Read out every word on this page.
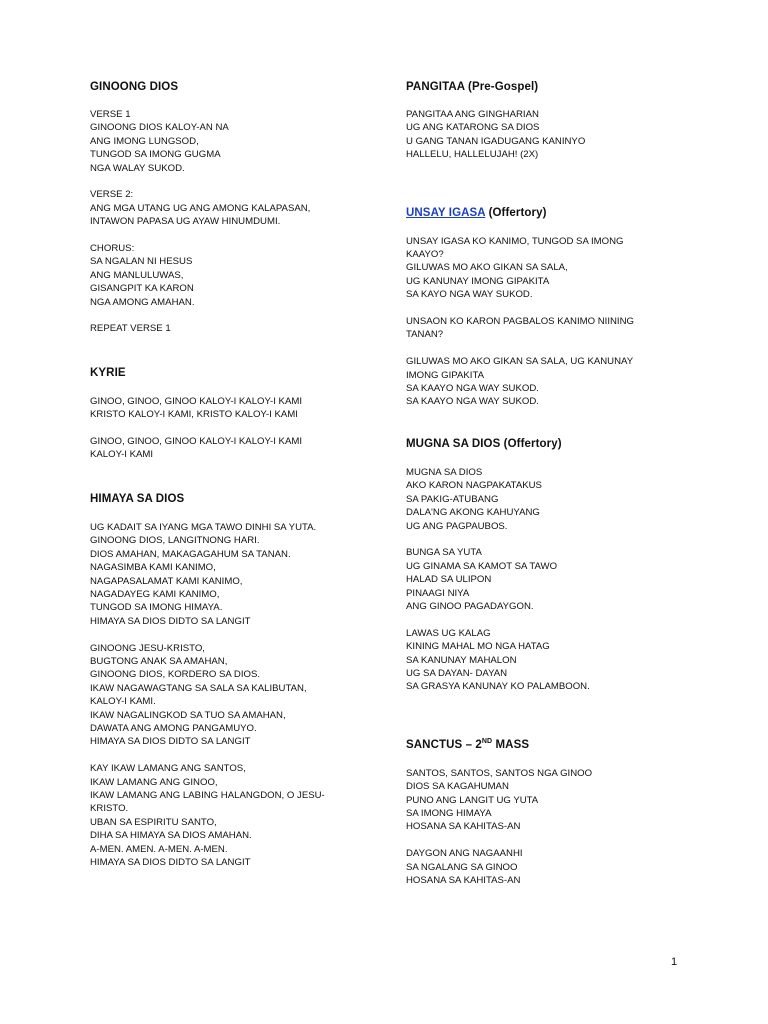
GINOONG DIOS
VERSE 1
GINOONG DIOS KALOY-AN NA
ANG IMONG LUNGSOD,
TUNGOD SA IMONG GUGMA
NGA WALAY SUKOD.
VERSE 2:
ANG MGA UTANG UG ANG AMONG KALAPASAN,
INTAWON PAPASA UG AYAW HINUMDUMI.
CHORUS:
SA NGALAN NI HESUS
ANG MANLULUWAS,
GISANGPIT KA KARON
NGA AMONG AMAHAN.
REPEAT VERSE 1
KYRIE
GINOO, GINOO, GINOO KALOY-I KALOY-I KAMI
KRISTO KALOY-I KAMI, KRISTO KALOY-I KAMI
GINOO, GINOO, GINOO KALOY-I KALOY-I KAMI
KALOY-I KAMI
HIMAYA SA DIOS
UG KADAIT SA IYANG MGA TAWO DINHI SA YUTA.
GINOONG DIOS, LANGITNONG HARI.
DIOS AMAHAN, MAKAGAGAHUM SA TANAN.
NAGASIMBA KAMI KANIMO,
NAGAPASALAMAT KAMI KANIMO,
NAGADAYEG KAMI KANIMO,
TUNGOD SA IMONG HIMAYA.
HIMAYA SA DIOS DIDTO SA LANGIT
GINOONG JESU-KRISTO,
BUGTONG ANAK SA AMAHAN,
GINOONG DIOS, KORDERO SA DIOS.
IKAW NAGAWAGTANG SA SALA SA KALIBUTAN,
KALOY-I KAMI.
IKAW NAGALINGKOD SA TUO SA AMAHAN,
DAWATA ANG AMONG PANGAMUYO.
HIMAYA SA DIOS DIDTO SA LANGIT
KAY IKAW LAMANG ANG SANTOS,
IKAW LAMANG ANG GINOO,
IKAW LAMANG ANG LABING HALANGDON, O JESU-
KRISTO.
UBAN SA ESPIRITU SANTO,
DIHA SA HIMAYA SA DIOS AMAHAN.
A-MEN. AMEN. A-MEN. A-MEN.
HIMAYA SA DIOS DIDTO SA LANGIT
PANGITAA (Pre-Gospel)
PANGITAA ANG GINGHARIAN
UG ANG KATARONG SA DIOS
U GANG TANAN IGADUGANG KANINYO
HALLELU, HALLELUJAH! (2X)
UNSAY IGASA (Offertory)
UNSAY IGASA KO KANIMO, TUNGOD SA IMONG
KAAYO?
GILUWAS MO AKO GIKAN SA SALA,
UG KANUNAY IMONG GIPAKITA
SA KAYO NGA WAY SUKOD.
UNSAON KO KARON PAGBALOS KANIMO NIINING
TANAN?
GILUWAS MO AKO GIKAN SA SALA, UG KANUNAY
IMONG GIPAKITA
SA KAAYO NGA WAY SUKOD.
SA KAAYO NGA WAY SUKOD.
MUGNA SA DIOS (Offertory)
MUGNA SA DIOS
AKO KARON NAGPAKATAKUS
SA PAKIG-ATUBANG
DALA'NG AKONG KAHUYANG
UG ANG PAGPAUBOS.
BUNGA SA YUTA
UG GINAMA SA KAMOT SA TAWO
HALAD SA ULIPON
PINAAGI NIYA
ANG GINOO PAGADAYGON.
LAWAS UG KALAG
KINING MAHAL MO NGA HATAG
SA KANUNAY MAHALON
UG SA DAYAN- DAYAN
SA GRASYA KANUNAY KO PALAMBOON.
SANCTUS – 2ND MASS
SANTOS, SANTOS, SANTOS NGA GINOO
DIOS SA KAGAHUMAN
PUNO ANG LANGIT UG YUTA
SA IMONG HIMAYA
HOSANA SA KAHITAS-AN
DAYGON ANG NAGAANHI
SA NGALANG SA GINOO
HOSANA SA KAHITAS-AN
1
